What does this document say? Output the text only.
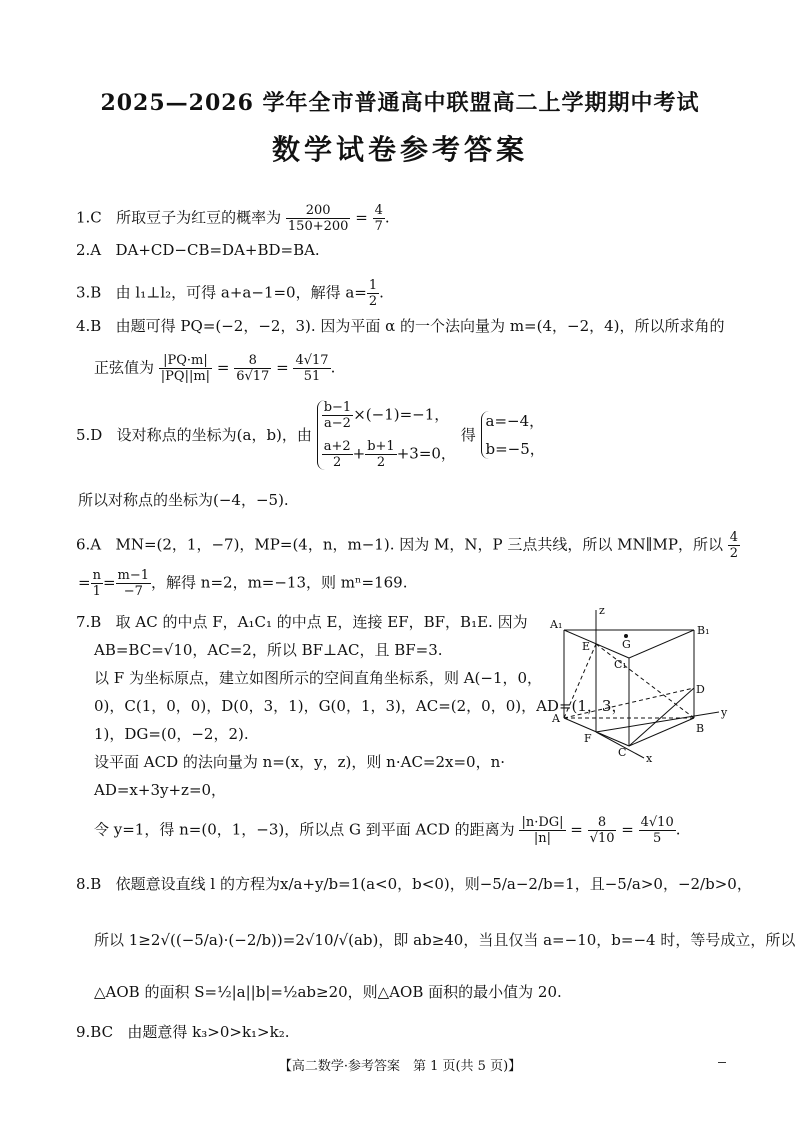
2025—2026 学年全市普通高中联盟高二上学期期中考试
数学试卷参考答案
1.C 所取豆子为红豆的概率为 $\frac{200}{150+200} = \frac{4}{7}$ .
2.A DA+CD−CB=DA+BD=BA.
3.B 由 l₁⊥l₂，可得 a+a−1=0，解得 $a= \frac{1}{2}$ .
4.B 由题可得 PQ=(−2，−2，3). 因为平面 α 的一个法向量为 m=(4，−2，4)，所以所求角的
正弦值为 $\frac{|PQ\cdot m|}{|PQ||m|} = \frac{8}{6√17} = \frac{4√17}{51}$ .
5.D 设对称点的坐标为(a，b)，由
$\frac{b-1}{a-2} \times(-1)=-1$，
$\frac{a+2}{2} + \frac{b+1}{2} +3=0$，
得
a=−4，
b=−5，
所以对称点的坐标为(−4，−5).
6.A MN=(2，1，−7)，MP=(4，n，m−1). 因为 M，N，P 三点共线，所以 MN∥MP，所以 $\frac{4}{2}$
= $\frac{n}{1} = \frac{m-1}{-7}$ ，解得 n=2，m=−13，则 mⁿ=169.
7.B 取 AC 的中点 F，A₁C₁ 的中点 E，连接 EF，BF，B₁E. 因为
AB=BC=√10，AC=2，所以 BF⊥AC，且 BF=3.
以 F 为坐标原点，建立如图所示的空间直角坐标系，则 A(−1，0，
0)，C(1，0，0)，D(0，3，1)，G(0，1，3)，AC=(2，0，0)，AD=(1，3，
1)，DG=(0，−2，2).
设平面 ACD 的法向量为 n=(x，y，z)，则 n·AC=2x=0，n·
AD=x+3y+z=0，
令 y=1，得 n=(0，1，−3)，所以点 G 到平面 ACD 的距离为 $\frac{|n\cdot DG|}{|n|} = \frac{8}{√10} = \frac{4√10}{5}$ .
A₁
E	G
C₁
B₁
z
D
y
A
F
B
C x
8.B 依题意设直线 l 的方程为x/a+y/b=1(a<0，b<0)，则−5/a−2/b=1，且−5/a>0，−2/b>0，
所以 1≥2√((−5/a)·(−2/b))=2√10/√(ab)，即 ab≥40，当且仅当 a=−10，b=−4 时，等号成立，所以
△AOB 的面积 S=½|a||b|=½ab≥20，则△AOB 面积的最小值为 20.
9.BC 由题意得 k₃>0>k₁>k₂.
【高二数学·参考答案　第 1 页(共 5 页)】
